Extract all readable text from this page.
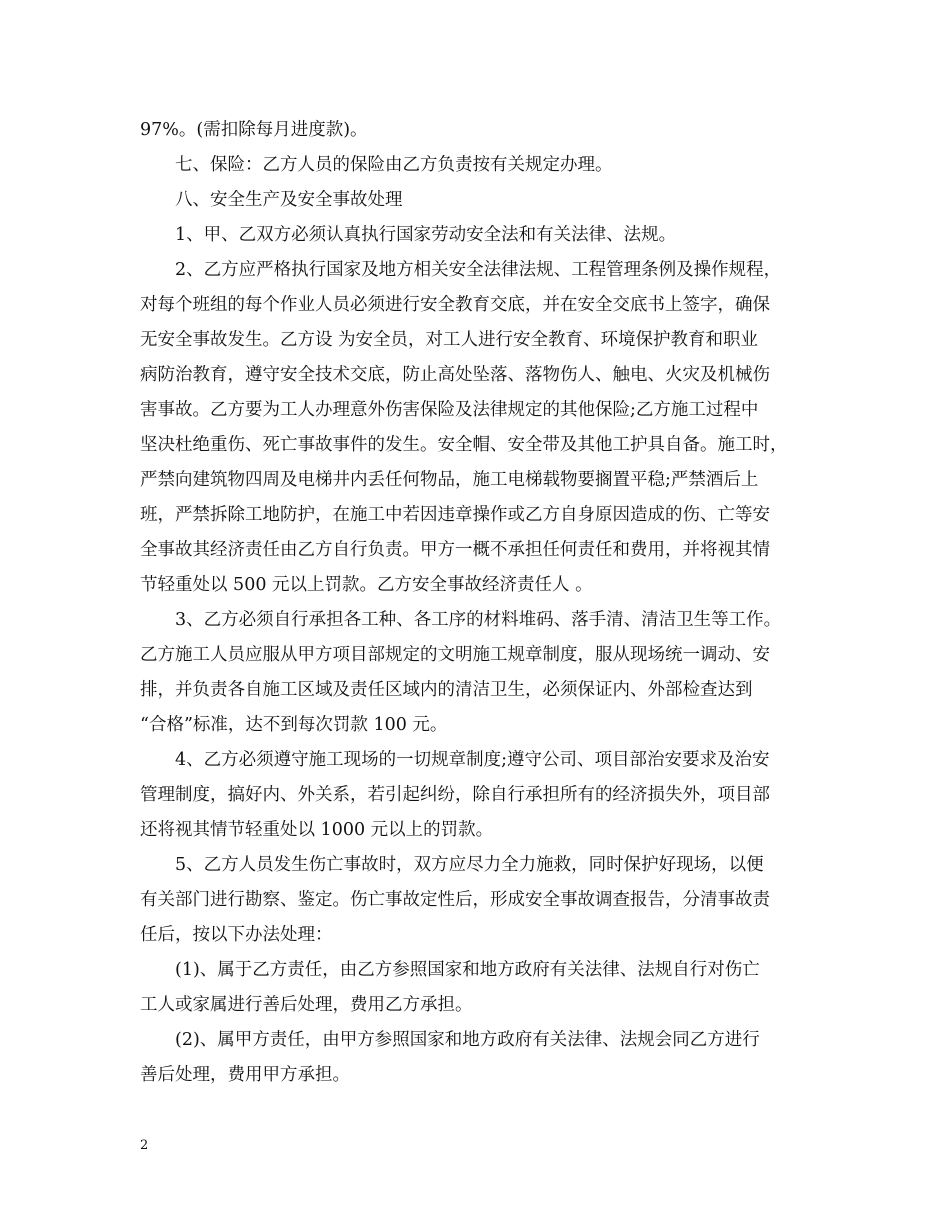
97%。(需扣除每月进度款)。
七、保险：乙方人员的保险由乙方负责按有关规定办理。
八、安全生产及安全事故处理
1、甲、乙双方必须认真执行国家劳动安全法和有关法律、法规。
2、乙方应严格执行国家及地方相关安全法律法规、工程管理条例及操作规程，
对每个班组的每个作业人员必须进行安全教育交底，并在安全交底书上签字，确保
无安全事故发生。乙方设 为安全员，对工人进行安全教育、环境保护教育和职业
病防治教育，遵守安全技术交底，防止高处坠落、落物伤人、触电、火灾及机械伤
害事故。乙方要为工人办理意外伤害保险及法律规定的其他保险;乙方施工过程中
坚决杜绝重伤、死亡事故事件的发生。安全帽、安全带及其他工护具自备。施工时，
严禁向建筑物四周及电梯井内丢任何物品，施工电梯载物要搁置平稳;严禁酒后上
班，严禁拆除工地防护，在施工中若因违章操作或乙方自身原因造成的伤、亡等安
全事故其经济责任由乙方自行负责。甲方一概不承担任何责任和费用，并将视其情
节轻重处以 500 元以上罚款。乙方安全事故经济责任人 。
3、乙方必须自行承担各工种、各工序的材料堆码、落手清、清洁卫生等工作。
乙方施工人员应服从甲方项目部规定的文明施工规章制度，服从现场统一调动、安
排，并负责各自施工区域及责任区域内的清洁卫生，必须保证内、外部检查达到
“合格”标准，达不到每次罚款 100 元。
4、乙方必须遵守施工现场的一切规章制度;遵守公司、项目部治安要求及治安
管理制度，搞好内、外关系，若引起纠纷，除自行承担所有的经济损失外，项目部
还将视其情节轻重处以 1000 元以上的罚款。
5、乙方人员发生伤亡事故时，双方应尽力全力施救，同时保护好现场，以便
有关部门进行勘察、鉴定。伤亡事故定性后，形成安全事故调查报告，分清事故责
任后，按以下办法处理：
(1)、属于乙方责任，由乙方参照国家和地方政府有关法律、法规自行对伤亡
工人或家属进行善后处理，费用乙方承担。
(2)、属甲方责任，由甲方参照国家和地方政府有关法律、法规会同乙方进行
善后处理，费用甲方承担。
2
